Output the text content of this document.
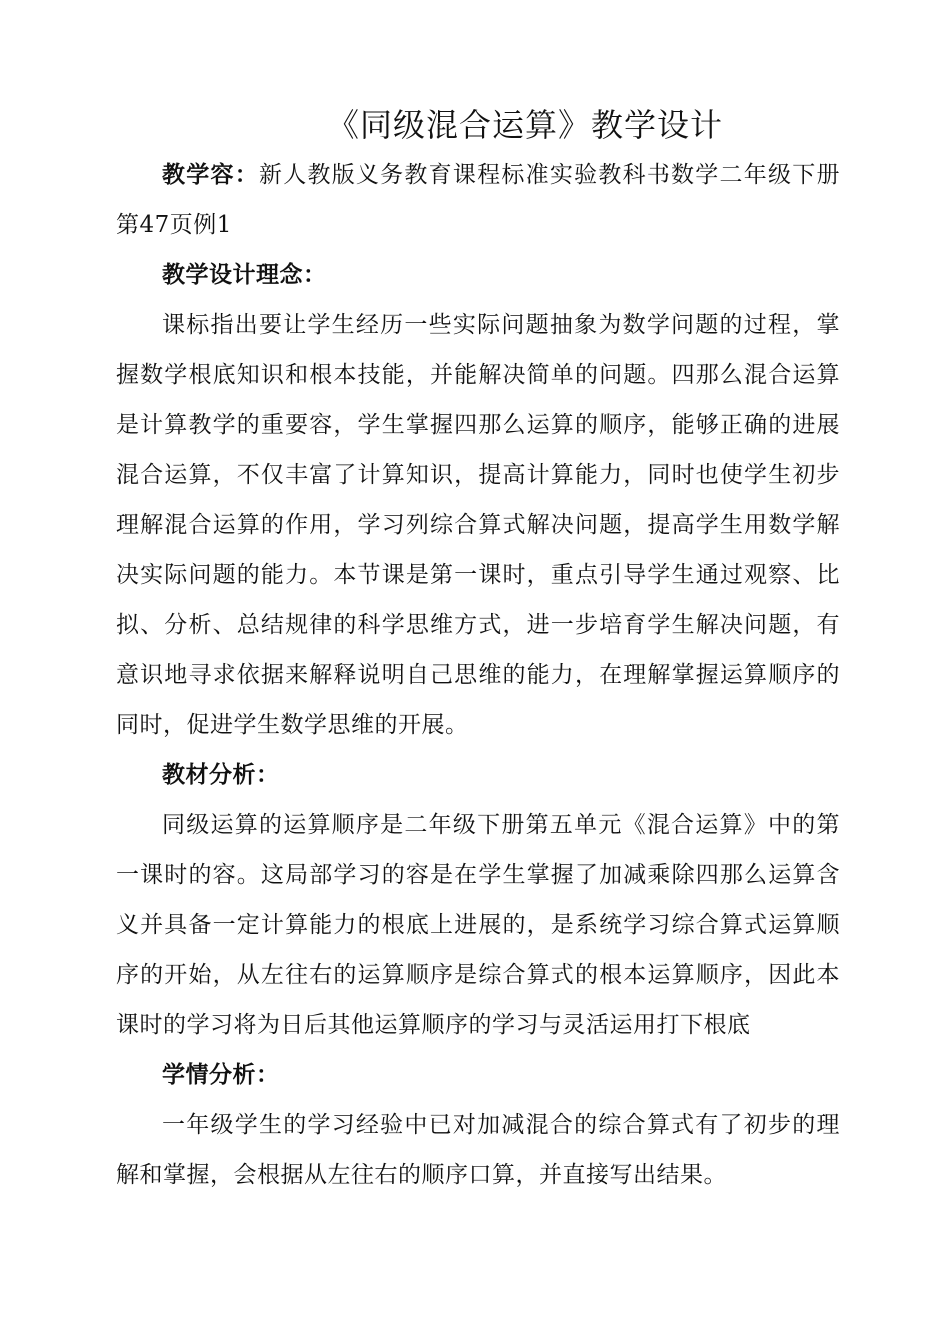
《同级混合运算》教学设计

教学容：新人教版义务教育课程标准实验教科书数学二年级下册第47页例1

教学设计理念：

课标指出要让学生经历一些实际问题抽象为数学问题的过程，掌握数学根底知识和根本技能，并能解决简单的问题。四那么混合运算是计算教学的重要容，学生掌握四那么运算的顺序，能够正确的进展混合运算，不仅丰富了计算知识，提高计算能力，同时也使学生初步理解混合运算的作用，学习列综合算式解决问题，提高学生用数学解决实际问题的能力。本节课是第一课时，重点引导学生通过观察、比拟、分析、总结规律的科学思维方式，进一步培育学生解决问题，有意识地寻求依据来解释说明自己思维的能力，在理解掌握运算顺序的同时，促进学生数学思维的开展。

教材分析：

同级运算的运算顺序是二年级下册第五单元《混合运算》中的第一课时的容。这局部学习的容是在学生掌握了加减乘除四那么运算含义并具备一定计算能力的根底上进展的，是系统学习综合算式运算顺序的开始，从左往右的运算顺序是综合算式的根本运算顺序，因此本课时的学习将为日后其他运算顺序的学习与灵活运用打下根底

学情分析：

一年级学生的学习经验中已对加减混合的综合算式有了初步的理解和掌握，会根据从左往右的顺序口算，并直接写出结果。
